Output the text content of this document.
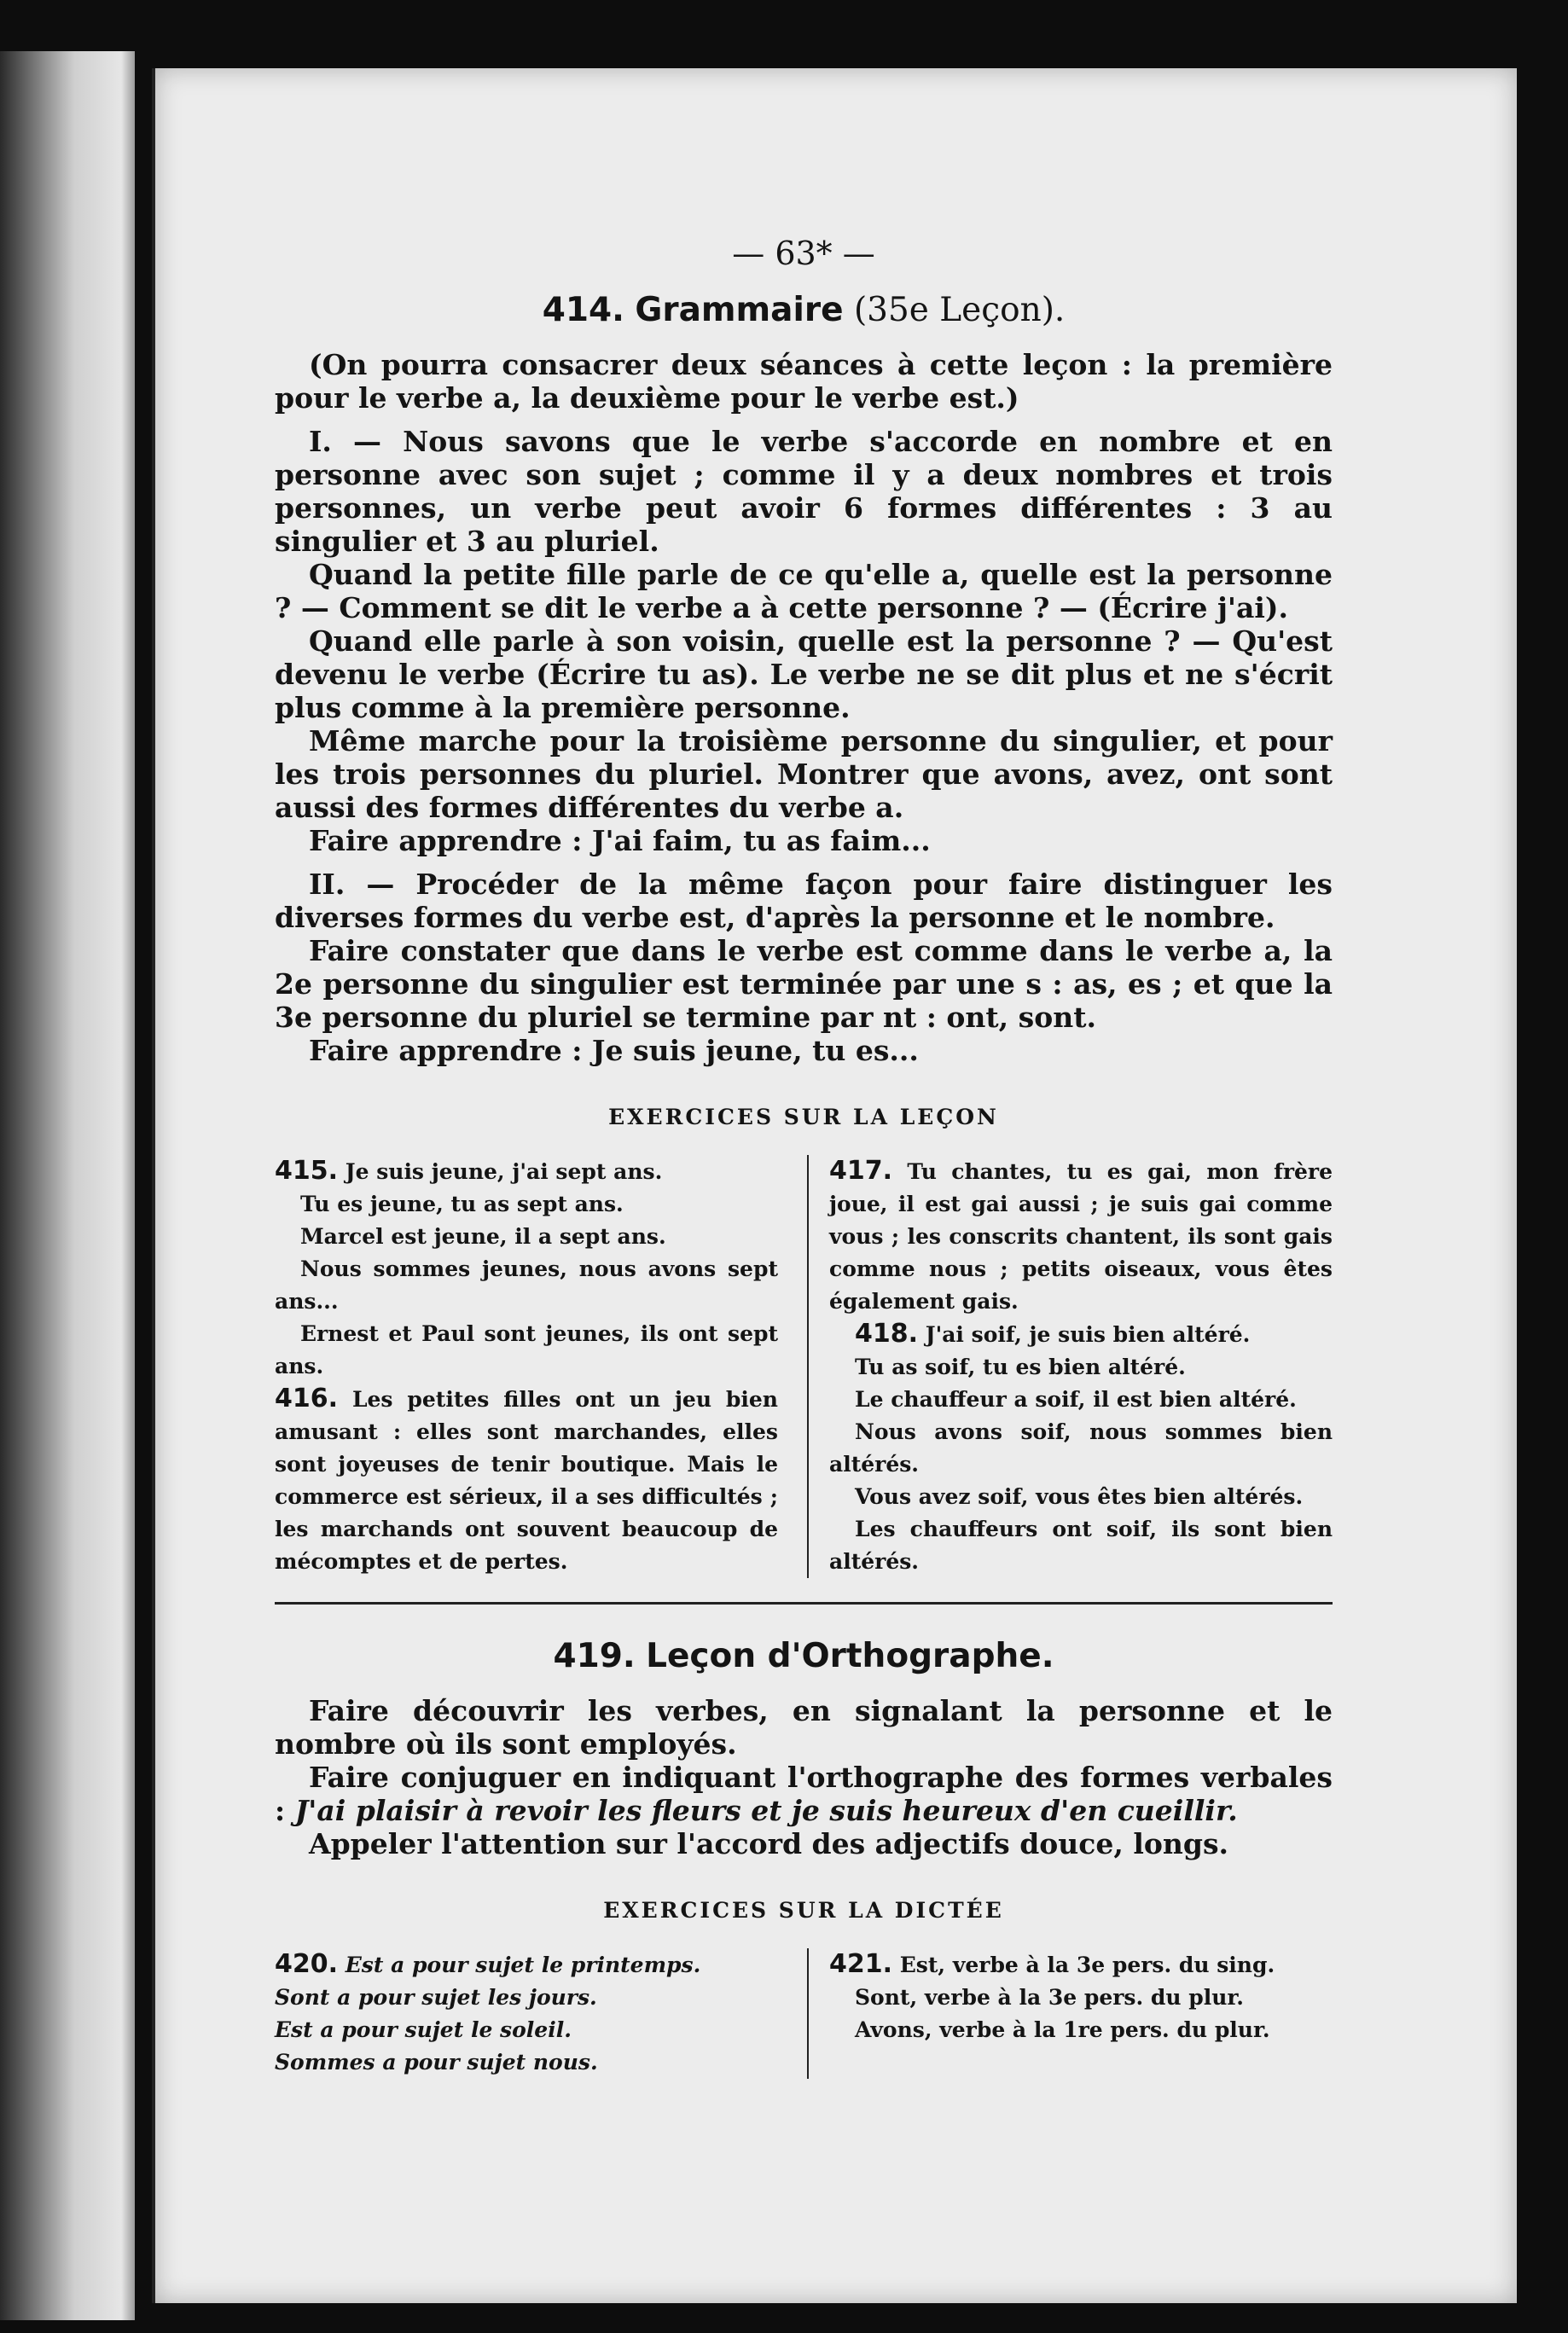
— 63* —
414. Grammaire (35e Leçon).

(On pourra consacrer deux séances à cette leçon : la première pour le verbe a, la deuxième pour le verbe est.)

I. — Nous savons que le verbe s'accorde en nombre et en personne avec son sujet ; comme il y a deux nombres et trois personnes, un verbe peut avoir 6 formes différentes : 3 au singulier et 3 au pluriel.

Quand la petite fille parle de ce qu'elle a, quelle est la personne ? — Comment se dit le verbe a à cette personne ? — (Écrire j'ai).

Quand elle parle à son voisin, quelle est la personne ? — Qu'est devenu le verbe (Écrire tu as). Le verbe ne se dit plus et ne s'écrit plus comme à la première personne.

Même marche pour la troisième personne du singulier, et pour les trois personnes du pluriel. Montrer que avons, avez, ont sont aussi des formes différentes du verbe a.

Faire apprendre : J'ai faim, tu as faim...

II. — Procéder de la même façon pour faire distinguer les diverses formes du verbe est, d'après la personne et le nombre.

Faire constater que dans le verbe est comme dans le verbe a, la 2e personne du singulier est terminée par une s : as, es ; et que la 3e personne du pluriel se termine par nt : ont, sont.

Faire apprendre : Je suis jeune, tu es...

EXERCICES SUR LA LEÇON
415. Je suis jeune, j'ai sept ans.
Tu es jeune, tu as sept ans.
Marcel est jeune, il a sept ans.
Nous sommes jeunes, nous avons sept ans...
Ernest et Paul sont jeunes, ils ont sept ans.
416. Les petites filles ont un jeu bien amusant : elles sont marchandes, elles sont joyeuses de tenir boutique. Mais le commerce est sérieux, il a ses difficultés ; les marchands ont souvent beaucoup de mécomptes et de pertes.
417. Tu chantes, tu es gai, mon frère joue, il est gai aussi ; je suis gai comme vous ; les conscrits chantent, ils sont gais comme nous ; petits oiseaux, vous êtes également gais.
418. J'ai soif, je suis bien altéré.
Tu as soif, tu es bien altéré.
Le chauffeur a soif, il est bien altéré.
Nous avons soif, nous sommes bien altérés.
Vous avez soif, vous êtes bien altérés.
Les chauffeurs ont soif, ils sont bien altérés.
419. Leçon d'Orthographe.

Faire découvrir les verbes, en signalant la personne et le nombre où ils sont employés.

Faire conjuguer en indiquant l'orthographe des formes verbales : J'ai plaisir à revoir les fleurs et je suis heureux d'en cueillir.

Appeler l'attention sur l'accord des adjectifs douce, longs.

EXERCICES SUR LA DICTÉE
420. Est a pour sujet le printemps.
Sont a pour sujet les jours.
Est a pour sujet le soleil.
Sommes a pour sujet nous.
421. Est, verbe à la 3e pers. du sing.
Sont, verbe à la 3e pers. du plur.
Avons, verbe à la 1re pers. du plur.
